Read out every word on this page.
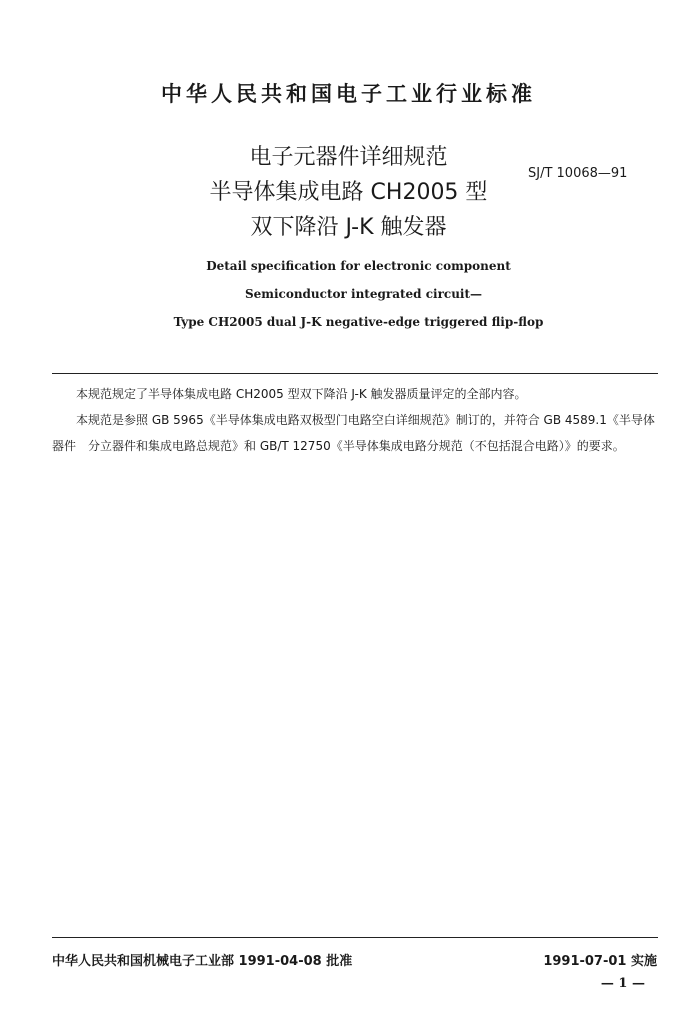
中华人民共和国电子工业行业标准
电子元器件详细规范
半导体集成电路 CH2005 型
双下降沿 J-K 触发器
SJ/T 10068—91
Detail specification for electronic component
Semiconductor integrated circuit—
Type CH2005 dual J-K negative-edge triggered flip-flop
本规范规定了半导体集成电路 CH2005 型双下降沿 J-K 触发器质量评定的全部内容。
本规范是参照 GB 5965《半导体集成电路双极型门电路空白详细规范》制订的，并符合 GB 4589.1《半导体器件　分立器件和集成电路总规范》和 GB/T 12750《半导体集成电路分规范（不包括混合电路）》的要求。
中华人民共和国机械电子工业部 1991-04-08 批准	1991-07-01 实施
— 1 —
